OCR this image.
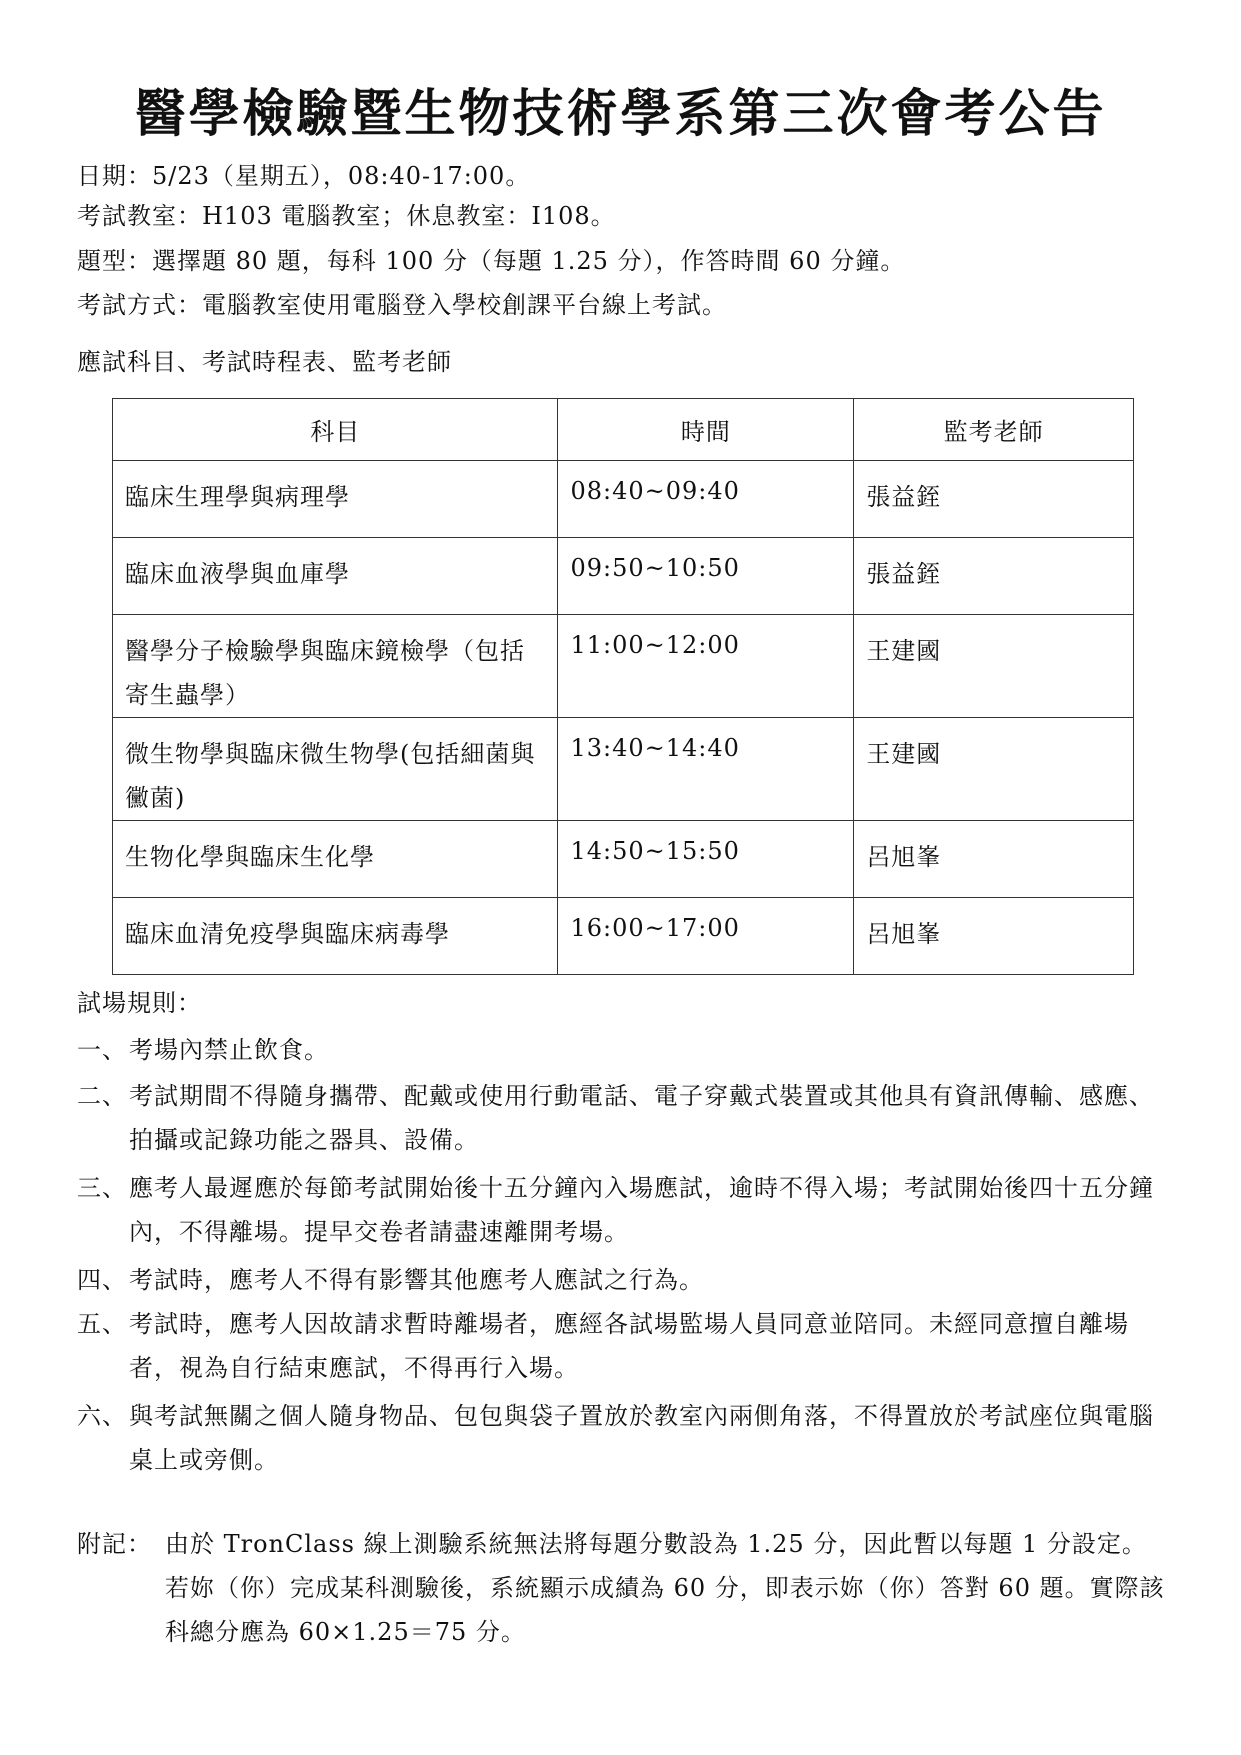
醫學檢驗暨生物技術學系第三次會考公告
日期：5/23（星期五），08:40-17:00。
考試教室：H103 電腦教室；休息教室：I108。
題型：選擇題 80 題，每科 100 分（每題 1.25 分），作答時間 60 分鐘。
考試方式：電腦教室使用電腦登入學校創課平台線上考試。
應試科目、考試時程表、監考老師
科目	時間	監考老師
臨床生理學與病理學	08:40~09:40	張益銍
臨床血液學與血庫學	09:50~10:50	張益銍
醫學分子檢驗學與臨床鏡檢學（包括寄生蟲學）	11:00~12:00	王建國
微生物學與臨床微生物學(包括細菌與黴菌)	13:40~14:40	王建國
生物化學與臨床生化學	14:50~15:50	呂旭峯
臨床血清免疫學與臨床病毒學	16:00~17:00	呂旭峯
試場規則：
一、 考場內禁止飲食。
二、 考試期間不得隨身攜帶、配戴或使用行動電話、電子穿戴式裝置或其他具有資訊傳輸、感應、拍攝或記錄功能之器具、設備。
三、 應考人最遲應於每節考試開始後十五分鐘內入場應試，逾時不得入場；考試開始後四十五分鐘內，不得離場。提早交卷者請盡速離開考場。
四、 考試時，應考人不得有影響其他應考人應試之行為。
五、 考試時，應考人因故請求暫時離場者，應經各試場監場人員同意並陪同。未經同意擅自離場者，視為自行結束應試，不得再行入場。
六、 與考試無關之個人隨身物品、包包與袋子置放於教室內兩側角落，不得置放於考試座位與電腦桌上或旁側。
附記： 由於 TronClass 線上測驗系統無法將每題分數設為 1.25 分，因此暫以每題 1 分設定。若妳（你）完成某科測驗後，系統顯示成績為 60 分，即表示妳（你）答對 60 題。實際該科總分應為 60×1.25＝75 分。
